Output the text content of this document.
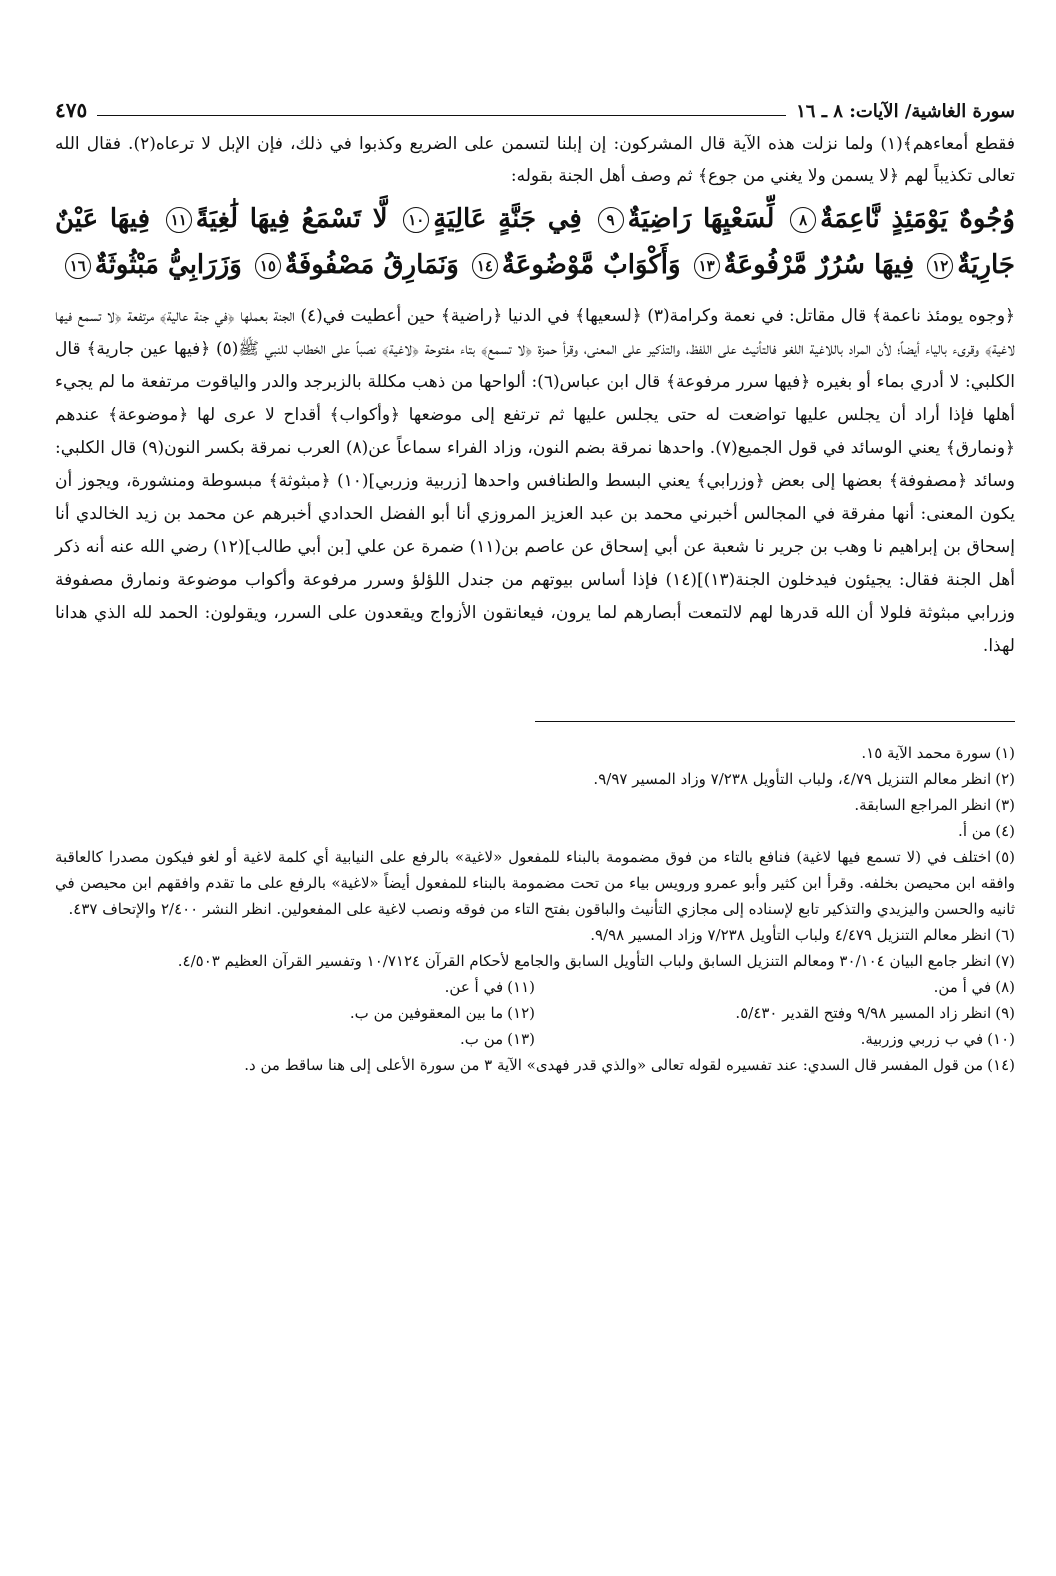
سورة الغاشية/ الآيات: ٨ ـ ١٦
٤٧٥

فقطع أمعاءهم﴾(١) ولما نزلت هذه الآية قال المشركون: إن إبلنا لتسمن على الضريع وكذبوا في ذلك، فإن الإبل لا ترعاه(٢). فقال الله تعالى تكذيباً لهم ﴿لا يسمن ولا يغني من جوع﴾ ثم وصف أهل الجنة بقوله:

وُجُوهٌ يَوْمَئِذٍ نَّاعِمَةٌ٨ لِّسَعْيِهَا رَاضِيَةٌ٩ فِي جَنَّةٍ عَالِيَةٍ١٠ لَّا تَسْمَعُ فِيهَا لَٰغِيَةً١١ فِيهَا عَيْنٌ جَارِيَةٌ١٢ فِيهَا سُرُرٌ مَّرْفُوعَةٌ١٣ وَأَكْوَابٌ مَّوْضُوعَةٌ١٤ وَنَمَارِقُ مَصْفُوفَةٌ١٥ وَزَرَابِيُّ مَبْثُوثَةٌ١٦

﴿وجوه يومئذ ناعمة﴾ قال مقاتل: في نعمة وكرامة(٣) ﴿لسعيها﴾ في الدنيا ﴿راضية﴾ حين أعطيت في(٤) الجنة بعملها ﴿في جنة عالية﴾ مرتفعة ﴿لا تسمع فيها لاغية﴾ وقرىء بالياء أيضاً؛ لأن المراد باللاغية اللغو فالتأنيث على اللفظ، والتذكير على المعنى، وقرأ حمزة ﴿لا تسمع﴾ بتاء مفتوحة ﴿لاغية﴾ نصباً على الخطاب للنبي ﷺ(٥) ﴿فيها عين جارية﴾ قال الكلبي: لا أدري بماء أو بغيره ﴿فيها سرر مرفوعة﴾ قال ابن عباس(٦): ألواحها من ذهب مكللة بالزبرجد والدر والياقوت مرتفعة ما لم يجيء أهلها فإذا أراد أن يجلس عليها تواضعت له حتى يجلس عليها ثم ترتفع إلى موضعها ﴿وأكواب﴾ أقداح لا عرى لها ﴿موضوعة﴾ عندهم ﴿ونمارق﴾ يعني الوسائد في قول الجميع(٧). واحدها نمرقة بضم النون، وزاد الفراء سماعاً عن(٨) العرب نمرقة بكسر النون(٩) قال الكلبي: وسائد ﴿مصفوفة﴾ بعضها إلى بعض ﴿وزرابي﴾ يعني البسط والطنافس واحدها [زربية وزربي](١٠) ﴿مبثوثة﴾ مبسوطة ومنشورة، ويجوز أن يكون المعنى: أنها مفرقة في المجالس أخبرني محمد بن عبد العزيز المروزي أنا أبو الفضل الحدادي أخبرهم عن محمد بن زيد الخالدي أنا إسحاق بن إبراهيم نا وهب بن جرير نا شعبة عن أبي إسحاق عن عاصم بن(١١) ضمرة عن علي [بن أبي طالب](١٢) رضي الله عنه أنه ذكر أهل الجنة فقال: يجيئون فيدخلون الجنة(١٣)](١٤) فإذا أساس بيوتهم من جندل اللؤلؤ وسرر مرفوعة وأكواب موضوعة ونمارق مصفوفة وزرابي مبثوثة فلولا أن الله قدرها لهم لالتمعت أبصارهم لما يرون، فيعانقون الأزواج ويقعدون على السرر، ويقولون: الحمد لله الذي هدانا لهذا.

(١)سورة محمد الآية ١٥.

(٢)انظر معالم التنزيل ٤/٧٩، ولباب التأويل ٧/٢٣٨ وزاد المسير ٩/٩٧.

(٣)انظر المراجع السابقة.

(٤)من أ.

(٥)اختلف في (لا تسمع فيها لاغية) فنافع بالتاء من فوق مضمومة بالبناء للمفعول «لاغية» بالرفع على النيابية أي كلمة لاغية أو لغو فيكون مصدرا كالعاقبة وافقه ابن محيصن بخلفه. وقرأ ابن كثير وأبو عمرو ورويس بياء من تحت مضمومة بالبناء للمفعول أيضاً «لاغية» بالرفع على ما تقدم وافقهم ابن محيصن في ثانيه والحسن واليزيدي والتذكير تابع لإسناده إلى مجازي التأنيث والباقون بفتح التاء من فوقه ونصب لاغية على المفعولين. انظر النشر ٢/٤٠٠ والإتحاف ٤٣٧.

(٦)انظر معالم التنزيل ٤/٤٧٩ ولباب التأويل ٧/٢٣٨ وزاد المسير ٩/٩٨.

(٧)انظر جامع البيان ٣٠/١٠٤ ومعالم التنزيل السابق ولباب التأويل السابق والجامع لأحكام القرآن ١٠/٧١٢٤ وتفسير القرآن العظيم ٤/٥٠٣.

(٨)في أ من.

(٩)انظر زاد المسير ٩/٩٨ وفتح القدير ٥/٤٣٠.

(١٠)في ب زربي وزربية.

(١١)في أ عن.

(١٢)ما بين المعقوفين من ب.

(١٣)من ب.

(١٤)من قول المفسر قال السدي: عند تفسيره لقوله تعالى «والذي قدر فهدى» الآية ٣ من سورة الأعلى إلى هنا ساقط من د.
